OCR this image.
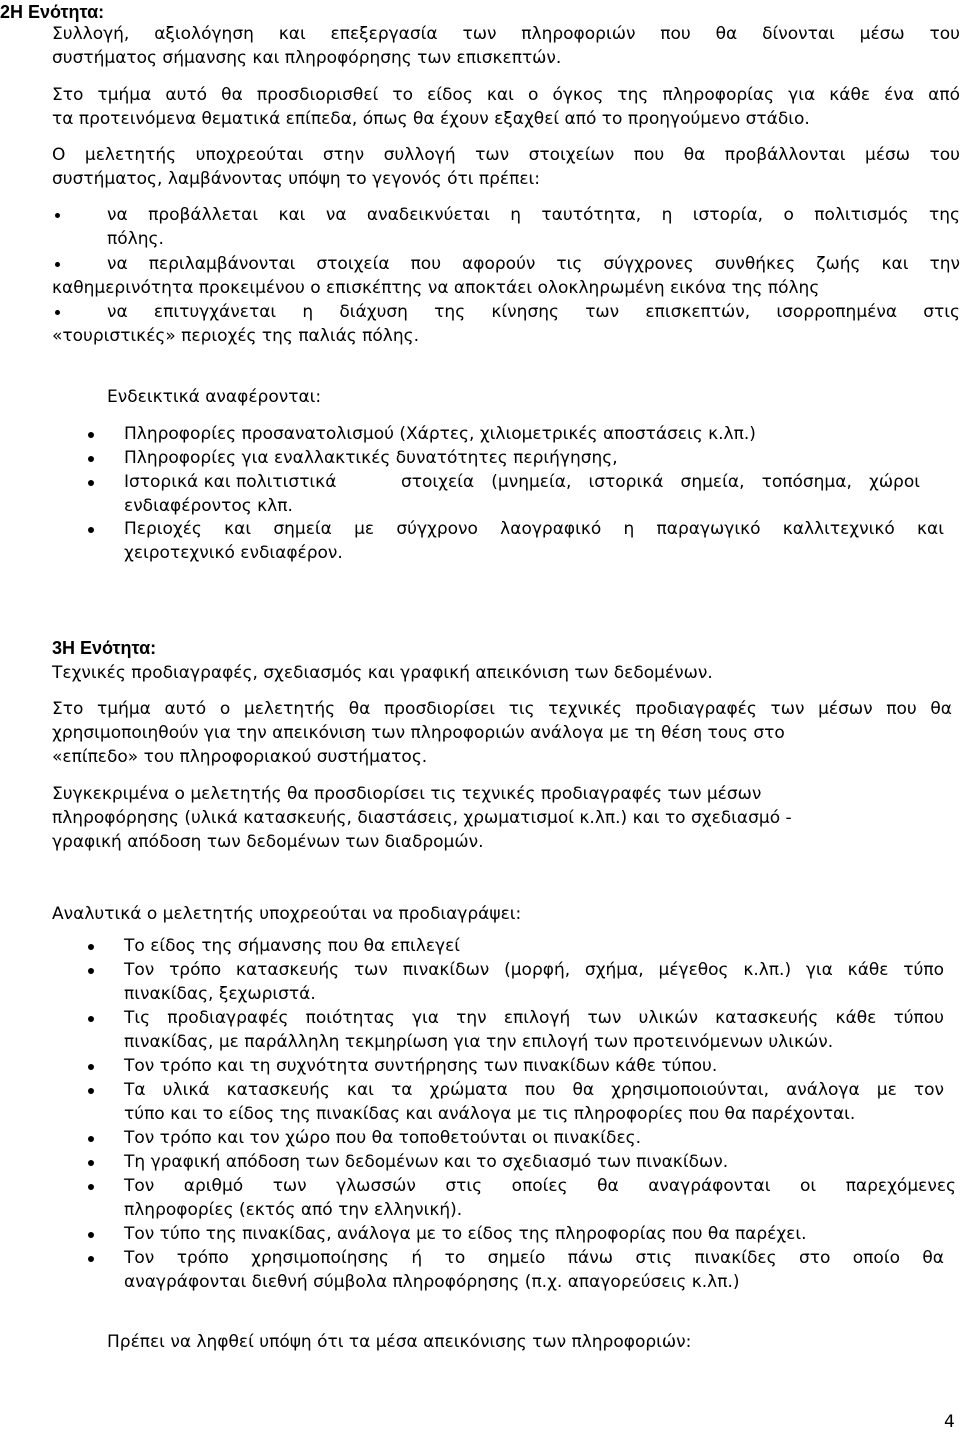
2Η Ενότητα:
Συλλογή, αξιολόγηση και επεξεργασία των πληροφοριών που θα δίνονται μέσω του
συστήματος σήμανσης και πληροφόρησης των επισκεπτών.
Στο τμήμα αυτό θα προσδιορισθεί το είδος και ο όγκος της πληροφορίας για κάθε ένα από
τα προτεινόμενα θεματικά επίπεδα, όπως θα έχουν εξαχθεί από το προηγούμενο στάδιο.
Ο μελετητής υποχρεούται στην συλλογή των στοιχείων που θα προβάλλονται μέσω του
συστήματος, λαμβάνοντας υπόψη το γεγονός ότι πρέπει:
να προβάλλεται και να αναδεικνύεται η ταυτότητα, η ιστορία, ο πολιτισμός της
πόλης.
να περιλαμβάνονται στοιχεία που αφορούν τις σύγχρονες συνθήκες ζωής και την
καθημερινότητα προκειμένου ο επισκέπτης να αποκτάει ολοκληρωμένη εικόνα της πόλης
να επιτυγχάνεται η διάχυση της κίνησης των επισκεπτών, ισορροπημένα στις
«τουριστικές» περιοχές της παλιάς πόλης.
Ενδεικτικά αναφέρονται:
Πληροφορίες προσανατολισμού (Χάρτες, χιλιομετρικές αποστάσεις κ.λπ.)
Πληροφορίες για εναλλακτικές δυνατότητες περιήγησης,
Ιστορικά και πολιτιστικά	στοιχεία (μνημεία, ιστορικά σημεία, τοπόσημα, χώροι
ενδιαφέροντος κλπ.
Περιοχές και σημεία με σύγχρονο λαογραφικό η παραγωγικό καλλιτεχνικό και
χειροτεχνικό ενδιαφέρον.
3Η Ενότητα:
Τεχνικές προδιαγραφές, σχεδιασμός και γραφική απεικόνιση των δεδομένων.
Στο τμήμα αυτό ο μελετητής θα προσδιορίσει τις τεχνικές προδιαγραφές των μέσων που θα
χρησιμοποιηθούν για την απεικόνιση των πληροφοριών ανάλογα με τη θέση τους στο
«επίπεδο» του πληροφοριακού συστήματος.
Συγκεκριμένα ο μελετητής θα προσδιορίσει τις τεχνικές προδιαγραφές των μέσων
πληροφόρησης (υλικά κατασκευής, διαστάσεις, χρωματισμοί κ.λπ.) και το σχεδιασμό -
γραφική απόδοση των δεδομένων των διαδρομών.
Αναλυτικά ο μελετητής υποχρεούται να προδιαγράψει:
Το είδος της σήμανσης που θα επιλεγεί
Τον τρόπο κατασκευής των πινακίδων (μορφή, σχήμα, μέγεθος κ.λπ.) για κάθε τύπο
πινακίδας, ξεχωριστά.
Τις προδιαγραφές ποιότητας για την επιλογή των υλικών κατασκευής κάθε τύπου
πινακίδας, με παράλληλη τεκμηρίωση για την επιλογή των προτεινόμενων υλικών.
Τον τρόπο και τη συχνότητα συντήρησης των πινακίδων κάθε τύπου.
Τα υλικά κατασκευής και τα χρώματα που θα χρησιμοποιούνται, ανάλογα με τον
τύπο και το είδος της πινακίδας και ανάλογα με τις πληροφορίες που θα παρέχονται.
Τον τρόπο και τον χώρο που θα τοποθετούνται οι πινακίδες.
Τη γραφική απόδοση των δεδομένων και το σχεδιασμό των πινακίδων.
Τον αριθμό των γλωσσών στις οποίες θα αναγράφονται οι παρεχόμενες
πληροφορίες (εκτός από την ελληνική).
Τον τύπο της πινακίδας, ανάλογα με το είδος της πληροφορίας που θα παρέχει.
Τον τρόπο χρησιμοποίησης ή το σημείο πάνω στις πινακίδες στο οποίο θα
αναγράφονται διεθνή σύμβολα πληροφόρησης (π.χ. απαγορεύσεις κ.λπ.)
Πρέπει να ληφθεί υπόψη ότι τα μέσα απεικόνισης των πληροφοριών:
4
